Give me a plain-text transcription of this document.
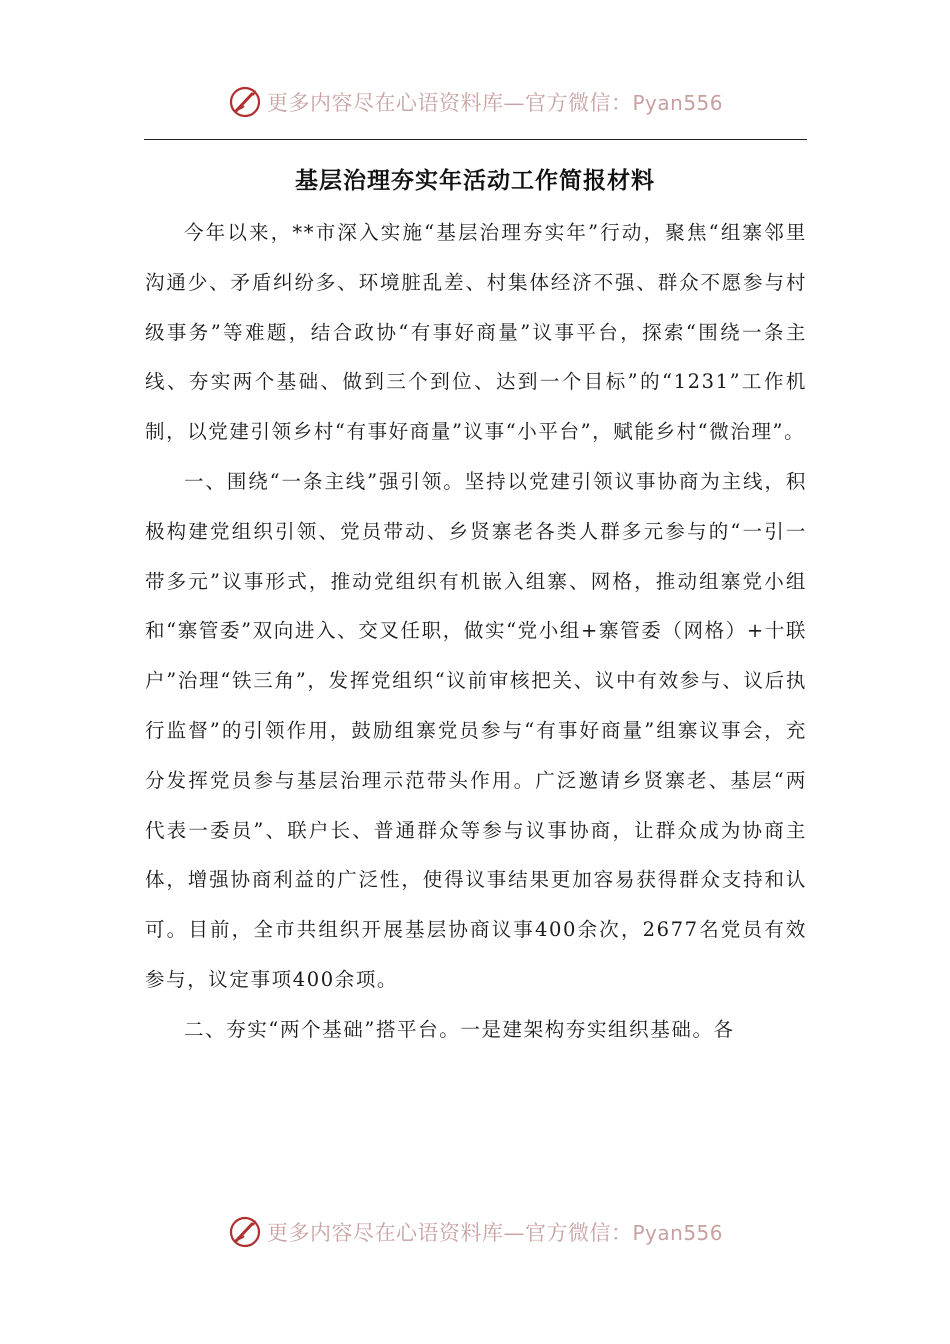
更多内容尽在心语资料库—官方微信：Pyan556
基层治理夯实年活动工作简报材料

今年以来，**市深入实施“基层治理夯实年”行动，聚焦“组寨邻里沟通少、矛盾纠纷多、环境脏乱差、村集体经济不强、群众不愿参与村级事务”等难题，结合政协“有事好商量”议事平台，探索“围绕一条主线、夯实两个基础、做到三个到位、达到一个目标”的“1231”工作机制，以党建引领乡村“有事好商量”议事“小平台”，赋能乡村“微治理”。

一、围绕“一条主线”强引领。坚持以党建引领议事协商为主线，积极构建党组织引领、党员带动、乡贤寨老各类人群多元参与的“一引一带多元”议事形式，推动党组织有机嵌入组寨、网格，推动组寨党小组和“寨管委”双向进入、交叉任职，做实“党小组+寨管委（网格）+十联户”治理“铁三角”，发挥党组织“议前审核把关、议中有效参与、议后执行监督”的引领作用，鼓励组寨党员参与“有事好商量”组寨议事会，充分发挥党员参与基层治理示范带头作用。广泛邀请乡贤寨老、基层“两代表一委员”、联户长、普通群众等参与议事协商，让群众成为协商主体，增强协商利益的广泛性，使得议事结果更加容易获得群众支持和认可。目前，全市共组织开展基层协商议事400余次，2677名党员有效参与，议定事项400余项。

二、夯实“两个基础”搭平台。一是建架构夯实组织基础。各

更多内容尽在心语资料库—官方微信：Pyan556
